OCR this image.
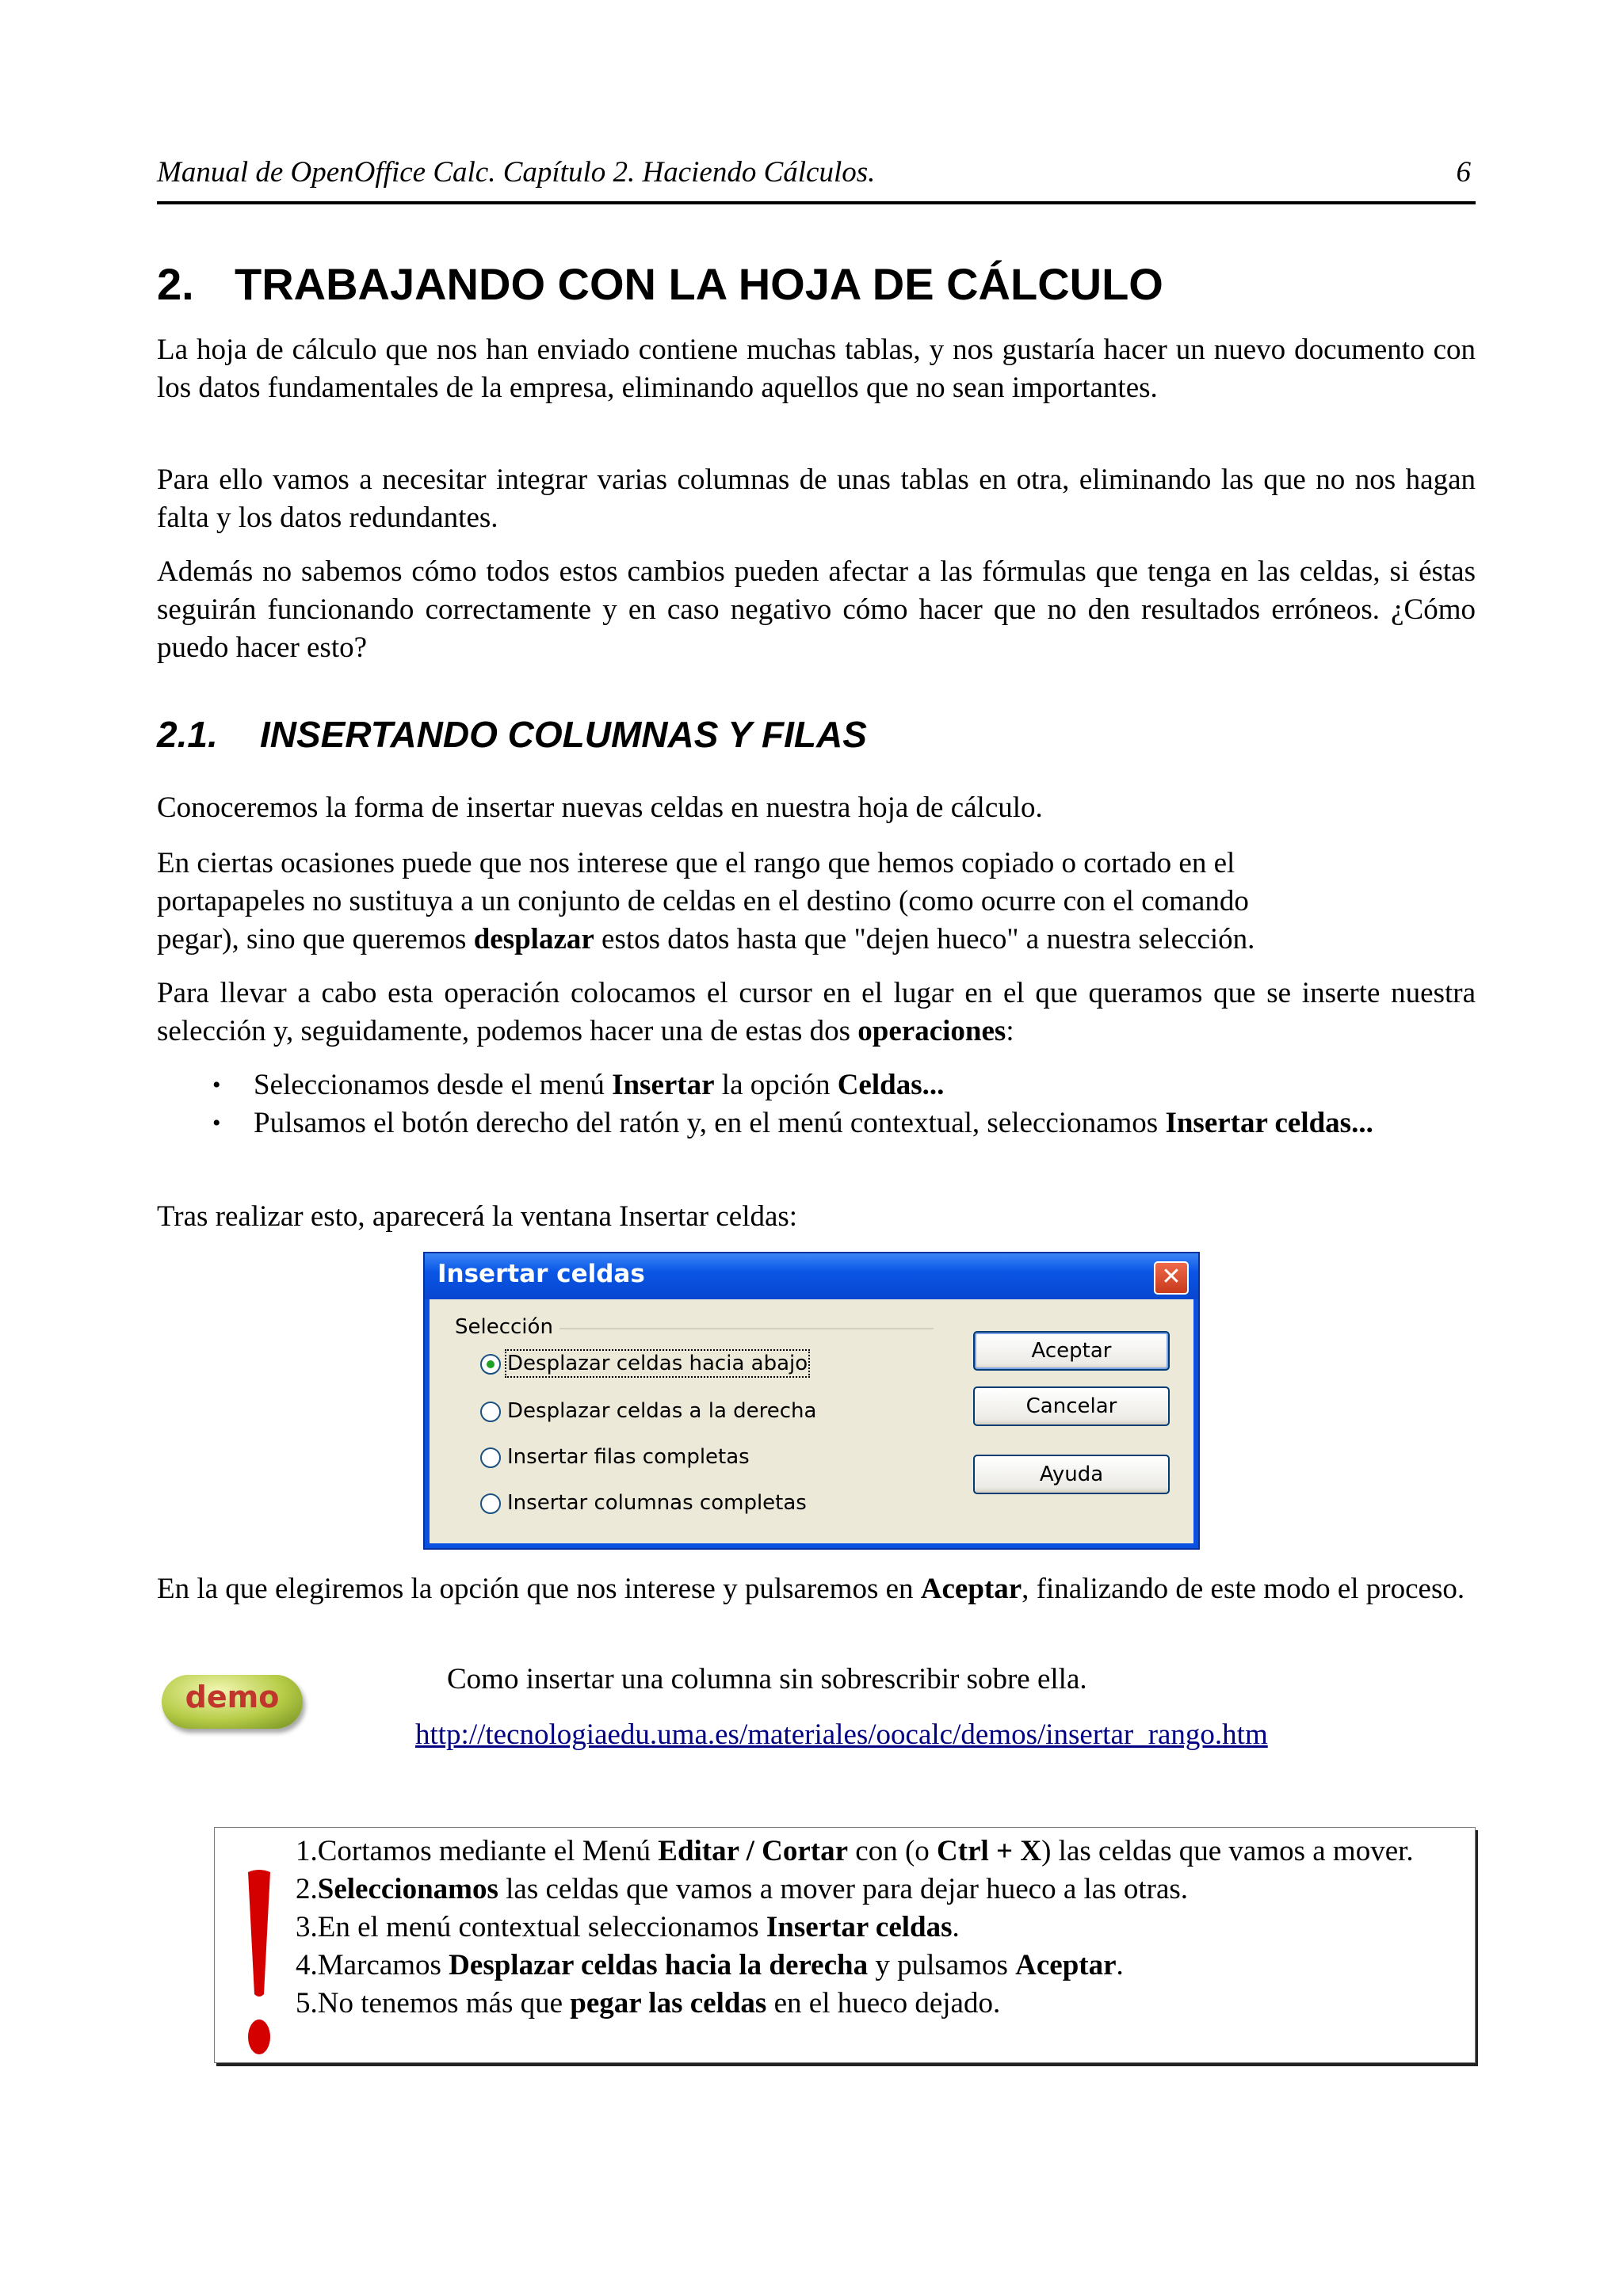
Manual de OpenOffice Calc. Capítulo 2. Haciendo Cálculos.	6
2. TRABAJANDO CON LA HOJA DE CÁLCULO

La hoja de cálculo que nos han enviado contiene muchas tablas, y nos gustaría hacer un nuevo documento con los datos fundamentales de la empresa, eliminando aquellos que no sean importantes.

Para ello vamos a necesitar integrar varias columnas de unas tablas en otra, eliminando las que no nos hagan falta y los datos redundantes.

Además no sabemos cómo todos estos cambios pueden afectar a las fórmulas que tenga en las celdas, si éstas seguirán funcionando correctamente y en caso negativo cómo hacer que no den resultados erróneos. ¿Cómo puedo hacer esto?

2.1. INSERTANDO COLUMNAS Y FILAS

Conoceremos la forma de insertar nuevas celdas en nuestra hoja de cálculo.

En ciertas ocasiones puede que nos interese que el rango que hemos copiado o cortado en el
portapapeles no sustituya a un conjunto de celdas en el destino (como ocurre con el comando
pegar), sino que queremos desplazar estos datos hasta que "dejen hueco" a nuestra selección.

Para llevar a cabo esta operación colocamos el cursor en el lugar en el que queramos que se inserte nuestra selección y, seguidamente, podemos hacer una de estas dos operaciones:

• Seleccionamos desde el menú Insertar la opción Celdas...
• Pulsamos el botón derecho del ratón y, en el menú contextual, seleccionamos Insertar celdas...

Tras realizar esto, aparecerá la ventana Insertar celdas:

Insertar celdas	✕
Selección
Desplazar celdas hacia abajo
Desplazar celdas a la derecha
Insertar filas completas
Insertar columnas completas
Aceptar
Cancelar
Ayuda

En la que elegiremos la opción que nos interese y pulsaremos en Aceptar, finalizando de este modo el proceso.

demo
Como insertar una columna sin sobrescribir sobre ella.
http://tecnologiaedu.uma.es/materiales/oocalc/demos/insertar_rango.htm
1.Cortamos mediante el Menú Editar / Cortar con (o Ctrl + X) las celdas que vamos a mover.
2.Seleccionamos las celdas que vamos a mover para dejar hueco a las otras.
3.En el menú contextual seleccionamos Insertar celdas.
4.Marcamos Desplazar celdas hacia la derecha y pulsamos Aceptar.
5.No tenemos más que pegar las celdas en el hueco dejado.
